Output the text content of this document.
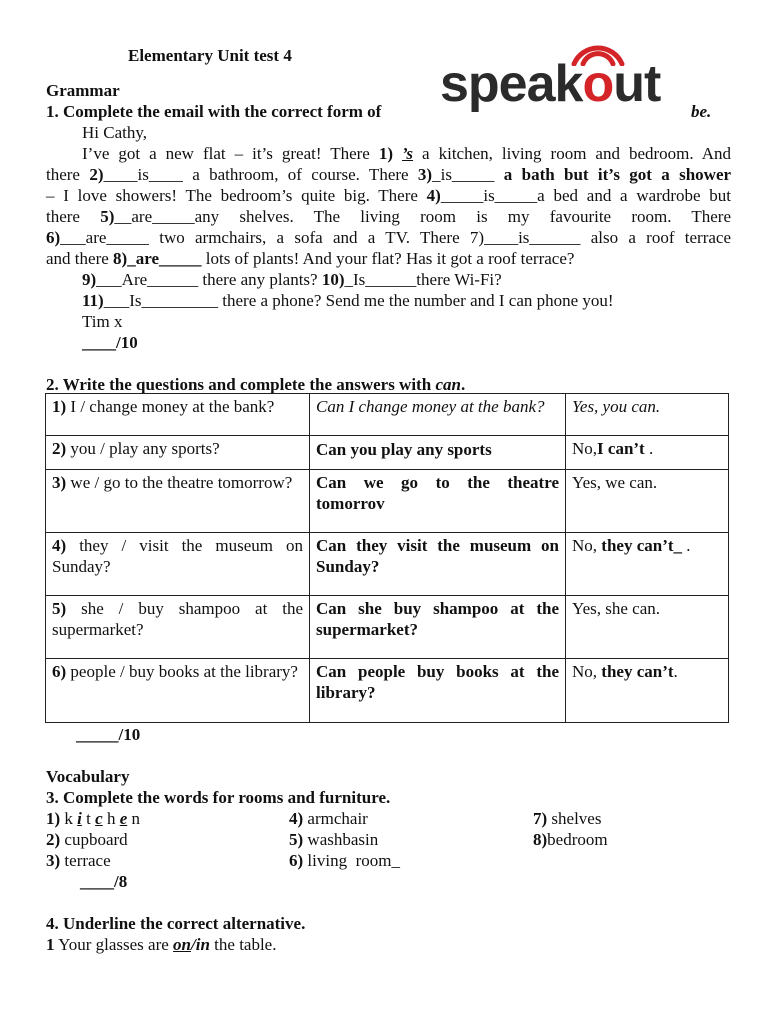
Elementary Unit test 4	speakout
Grammar
1. Complete the email with the correct form of	be.
Hi Cathy,
I’ve got a new flat – it’s great! There 1) ’s a kitchen, living room and bedroom. And
there 2)____is____ a bathroom, of course. There 3)_is_____ a bath but it’s got a shower
– I love showers! The bedroom’s quite big. There 4)_____is_____a bed and a wardrobe but
there 5)__are_____any shelves. The living room is my favourite room. There
6)___are_____ two armchairs, a sofa and a TV. There 7)____is______ also a roof terrace
and there 8)_are_____ lots of plants! And your flat? Has it got a roof terrace?
9)___Are______ there any plants? 10)_Is______there Wi-Fi?
11)___Is_________ there a phone? Send me the number and I can phone you!
Tim x
____/10
2. Write the questions and complete the answers with can.
1) I / change money at the bank?	Can I change money at the bank?	Yes, you can.
2) you / play any sports?	Can you play any sports	No,I can’t .
3) we / go to the theatre tomorrow?	Can we go to the theatre tomorrov	Yes, we can.
4) they / visit the museum on Sunday?	Can they visit the museum on Sunday?	No, they can’t_ .
5) she / buy shampoo at the supermarket?	Can she buy shampoo at the supermarket?	Yes, she can.
6) people / buy books at the library?	Can people buy books at the library?	No, they can’t.
_____/10
Vocabulary
3. Complete the words for rooms and furniture.
1) k i t c h e n
2) cupboard
3) terrace
4) armchair
5) washbasin
6) living  room_
7) shelves
8)bedroom
____/8
4. Underline the correct alternative.
1 Your glasses are on/in the table.
